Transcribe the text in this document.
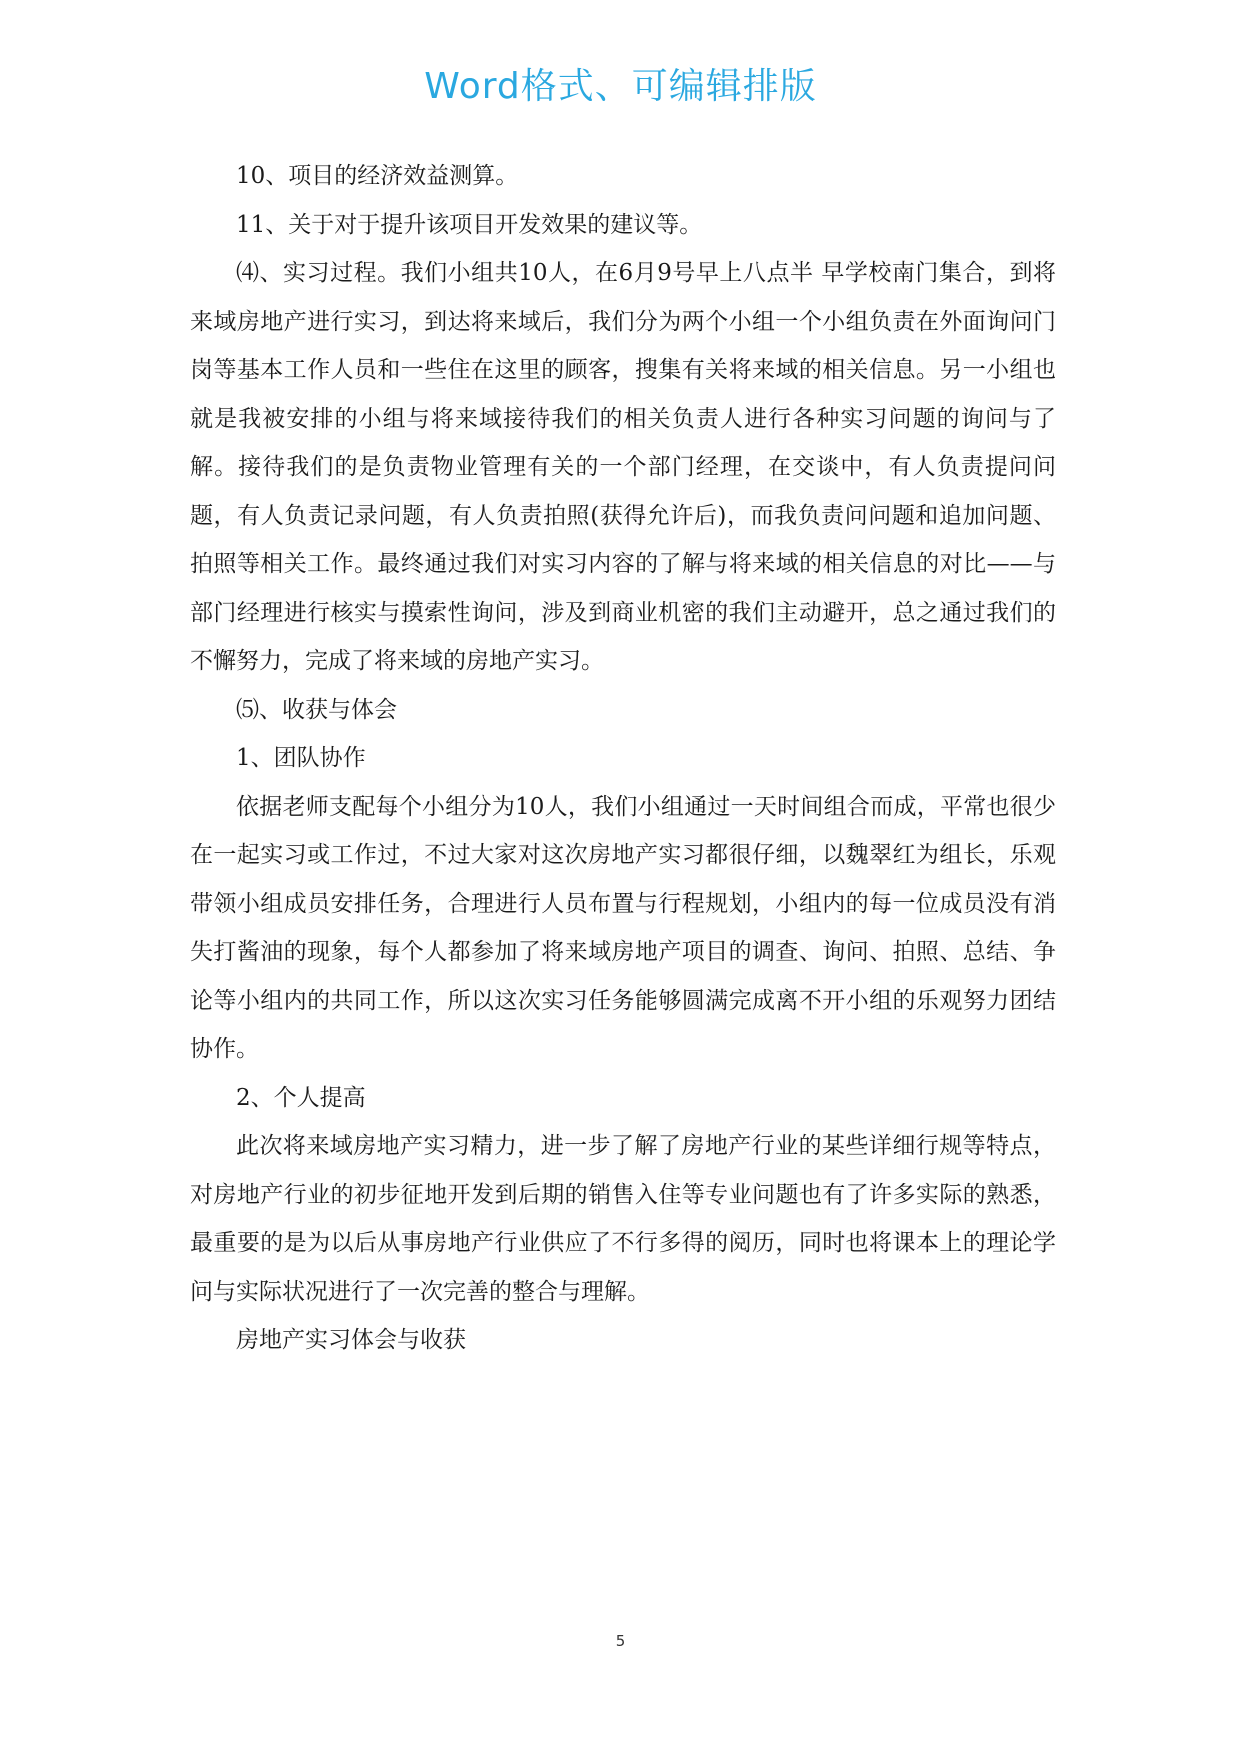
Word格式、可编辑排版

10、项目的经济效益测算。

11、关于对于提升该项目开发效果的建议等。

⑷、实习过程。我们小组共10人，在6月9号早上八点半 早学校南门集合，到将来域房地产进行实习，到达将来域后，我们分为两个小组一个小组负责在外面询问门岗等基本工作人员和一些住在这里的顾客，搜集有关将来域的相关信息。另一小组也就是我被安排的小组与将来域接待我们的相关负责人进行各种实习问题的询问与了解。接待我们的是负责物业管理有关的一个部门经理，在交谈中，有人负责提问问题，有人负责记录问题，有人负责拍照(获得允许后)，而我负责问问题和追加问题、拍照等相关工作。最终通过我们对实习内容的了解与将来域的相关信息的对比——与部门经理进行核实与摸索性询问，涉及到商业机密的我们主动避开，总之通过我们的不懈努力，完成了将来域的房地产实习。

⑸、收获与体会

1、团队协作

依据老师支配每个小组分为10人，我们小组通过一天时间组合而成，平常也很少在一起实习或工作过，不过大家对这次房地产实习都很仔细，以魏翠红为组长，乐观带领小组成员安排任务，合理进行人员布置与行程规划，小组内的每一位成员没有消失打酱油的现象，每个人都参加了将来域房地产项目的调查、询问、拍照、总结、争论等小组内的共同工作，所以这次实习任务能够圆满完成离不开小组的乐观努力团结协作。

2、个人提高

此次将来域房地产实习精力，进一步了解了房地产行业的某些详细行规等特点，对房地产行业的初步征地开发到后期的销售入住等专业问题也有了许多实际的熟悉，最重要的是为以后从事房地产行业供应了不行多得的阅历，同时也将课本上的理论学问与实际状况进行了一次完善的整合与理解。

房地产实习体会与收获

5
